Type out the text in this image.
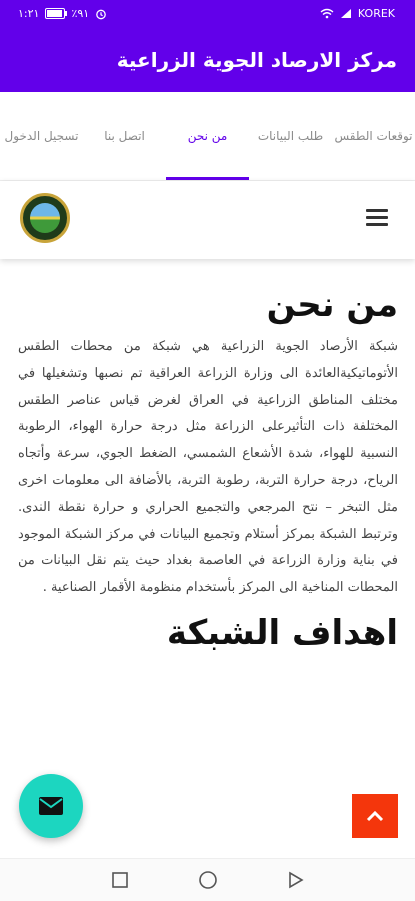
١:٢١	٪٩١	KOREK
مركز الارصاد الجوية الزراعية
توقعات الطقس
طلب البيانات
من نحن
اتصل بنا
تسجيل الدخول
من نحن

شبكة الأرصاد الجوية الزراعية هي شبكة من محطات الطقس الأتوماتيكيةالعائدة الى وزارة الزراعة العراقية تم نصبها وتشغيلها في مختلف المناطق الزراعية في العراق لغرض قياس عناصر الطقس المختلفة ذات التأثيرعلى الزراعة مثل درجة حرارة الهواء، الرطوبة النسبية للهواء، شدة الأشعاع الشمسي، الضغط الجوي، سرعة وأتجاه الرياح، درجة حرارة التربة، رطوبة التربة، بالأضافة الى معلومات اخرى مثل التبخر – نتح المرجعي والتجميع الحراري و حرارة نقطة الندى. وترتبط الشبكة بمركز أستلام وتجميع البيانات في مركز الشبكة الموجود في بناية وزارة الزراعة في العاصمة بغداد حيث يتم نقل البيانات من المحطات المناخية الى المركز بأستخدام منظومة الأقمار الصناعية .

اهداف الشبكة
